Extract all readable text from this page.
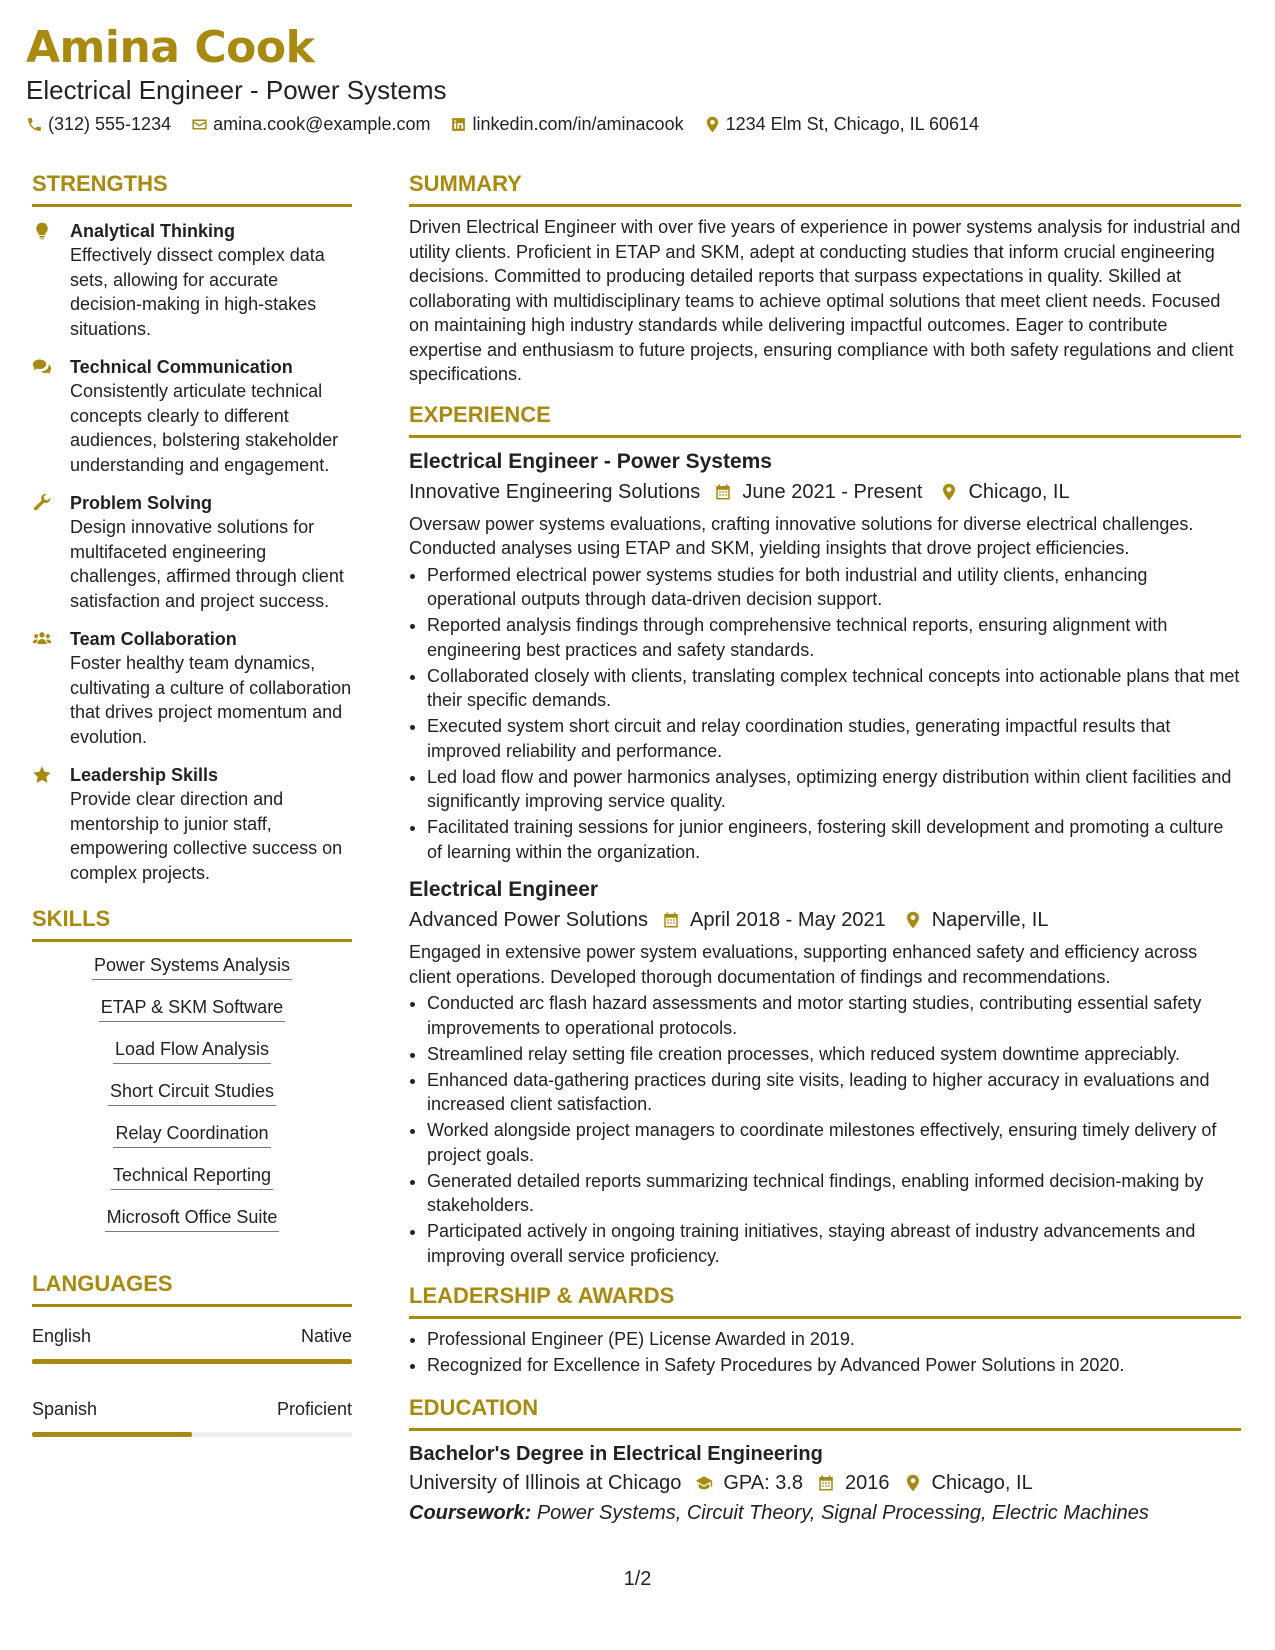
Amina Cook
Electrical Engineer - Power Systems
(312) 555-1234 amina.cook@example.com linkedin.com/in/aminacook 1234 Elm St, Chicago, IL 60614
STRENGTHS
Analytical Thinking
Effectively dissect complex data sets, allowing for accurate decision-making in high-stakes situations.
Technical Communication
Consistently articulate technical concepts clearly to different audiences, bolstering stakeholder understanding and engagement.
Problem Solving
Design innovative solutions for multifaceted engineering challenges, affirmed through client satisfaction and project success.
Team Collaboration
Foster healthy team dynamics, cultivating a culture of collaboration that drives project momentum and evolution.
Leadership Skills
Provide clear direction and mentorship to junior staff, empowering collective success on complex projects.
SKILLS
Power Systems Analysis
ETAP & SKM Software
Load Flow Analysis
Short Circuit Studies
Relay Coordination
Technical Reporting
Microsoft Office Suite
LANGUAGES
English	Native
Spanish	Proficient
SUMMARY
Driven Electrical Engineer with over five years of experience in power systems analysis for industrial and utility clients. Proficient in ETAP and SKM, adept at conducting studies that inform crucial engineering decisions. Committed to producing detailed reports that surpass expectations in quality. Skilled at collaborating with multidisciplinary teams to achieve optimal solutions that meet client needs. Focused on maintaining high industry standards while delivering impactful outcomes. Eager to contribute expertise and enthusiasm to future projects, ensuring compliance with both safety regulations and client specifications.
EXPERIENCE
Electrical Engineer - Power Systems
Innovative Engineering Solutions June 2021 - Present Chicago, IL
Oversaw power systems evaluations, crafting innovative solutions for diverse electrical challenges. Conducted analyses using ETAP and SKM, yielding insights that drove project efficiencies.
• Performed electrical power systems studies for both industrial and utility clients, enhancing operational outputs through data-driven decision support.
• Reported analysis findings through comprehensive technical reports, ensuring alignment with engineering best practices and safety standards.
• Collaborated closely with clients, translating complex technical concepts into actionable plans that met their specific demands.
• Executed system short circuit and relay coordination studies, generating impactful results that improved reliability and performance.
• Led load flow and power harmonics analyses, optimizing energy distribution within client facilities and significantly improving service quality.
• Facilitated training sessions for junior engineers, fostering skill development and promoting a culture of learning within the organization.
Electrical Engineer
Advanced Power Solutions April 2018 - May 2021 Naperville, IL
Engaged in extensive power system evaluations, supporting enhanced safety and efficiency across client operations. Developed thorough documentation of findings and recommendations.
• Conducted arc flash hazard assessments and motor starting studies, contributing essential safety improvements to operational protocols.
• Streamlined relay setting file creation processes, which reduced system downtime appreciably.
• Enhanced data-gathering practices during site visits, leading to higher accuracy in evaluations and increased client satisfaction.
• Worked alongside project managers to coordinate milestones effectively, ensuring timely delivery of project goals.
• Generated detailed reports summarizing technical findings, enabling informed decision-making by stakeholders.
• Participated actively in ongoing training initiatives, staying abreast of industry advancements and improving overall service proficiency.
LEADERSHIP & AWARDS
• Professional Engineer (PE) License Awarded in 2019.
• Recognized for Excellence in Safety Procedures by Advanced Power Solutions in 2020.
EDUCATION
Bachelor's Degree in Electrical Engineering
University of Illinois at Chicago GPA: 3.8 2016 Chicago, IL
Coursework: Power Systems, Circuit Theory, Signal Processing, Electric Machines
1/2
